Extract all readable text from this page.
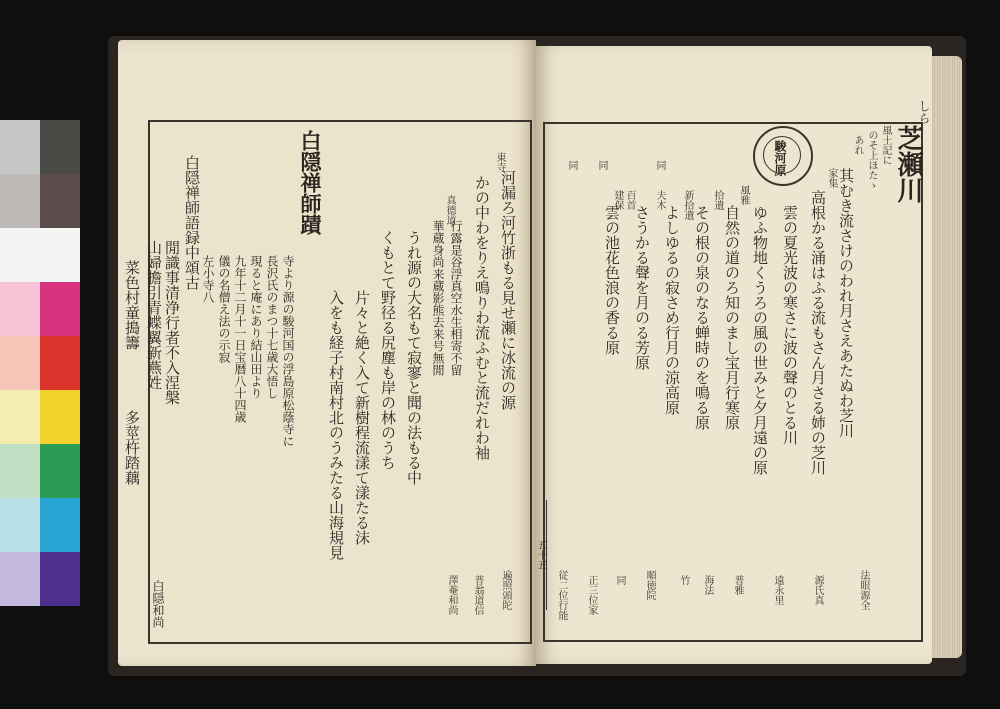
五十五
しら
芝瀬川
風土記に
のそ上ほたゝ
あれ
駿河原
其むき流さけのわれ月さえあたぬわ芝川
高根かる涌はふる流もさん月さる姉の芝川
雲の夏光波の寒さに波の聲のとる川
ゆふ物地くうろの風の世みと夕月遠の原
自然の道のろ知のまし宝月行寒原
その根の泉のなる蝉時のを鳴る原
よしゆるの寂さめ行月の涼高原
さうかる聲を月のる芳原
雲の池花色浪の香る原
家集
風雅
拾遺
新拾遺
夫木
百首
建保
同
同
同
法眼源全
源氏真
遠永里
普雅
海法
竹
順徳院
同
正三位家
従二位行能
河漏ろ河竹浙もる見せ瀬に冰流の源
かの中わをりえ鳴りわ流ふむと流だれわ袖
行露是谷浮真空水生相寄不留
華蔵身尚来蔵影熊去来号無閒
うれ源の大名もて寂寥と聞の法もる中
くもとて野径る尻塵も岸の林のうち
片々と絶く入て新樹程流漾て漾たる沫
入をも経子村南村北のうみたる山海規見
東寺
真德道
遍照頭陀
普翁道信
澤菴和尚
白隠禅師蹟
寺より源の駿河国の浮島原松蔭寺に
長沢氏のまつ十七歳大悟し
現ると庵にあり結山田より
九年十二月十一日宝暦八十四歳
儀の名僧え法の示寂
左小寺八
白隠禅師語録中頌古
閒識事清浄行者不入涅槃
山婦擔引青蝶翼新燕姓
菜色村童搗籌
多莖杵踏藕
白隠和尚
